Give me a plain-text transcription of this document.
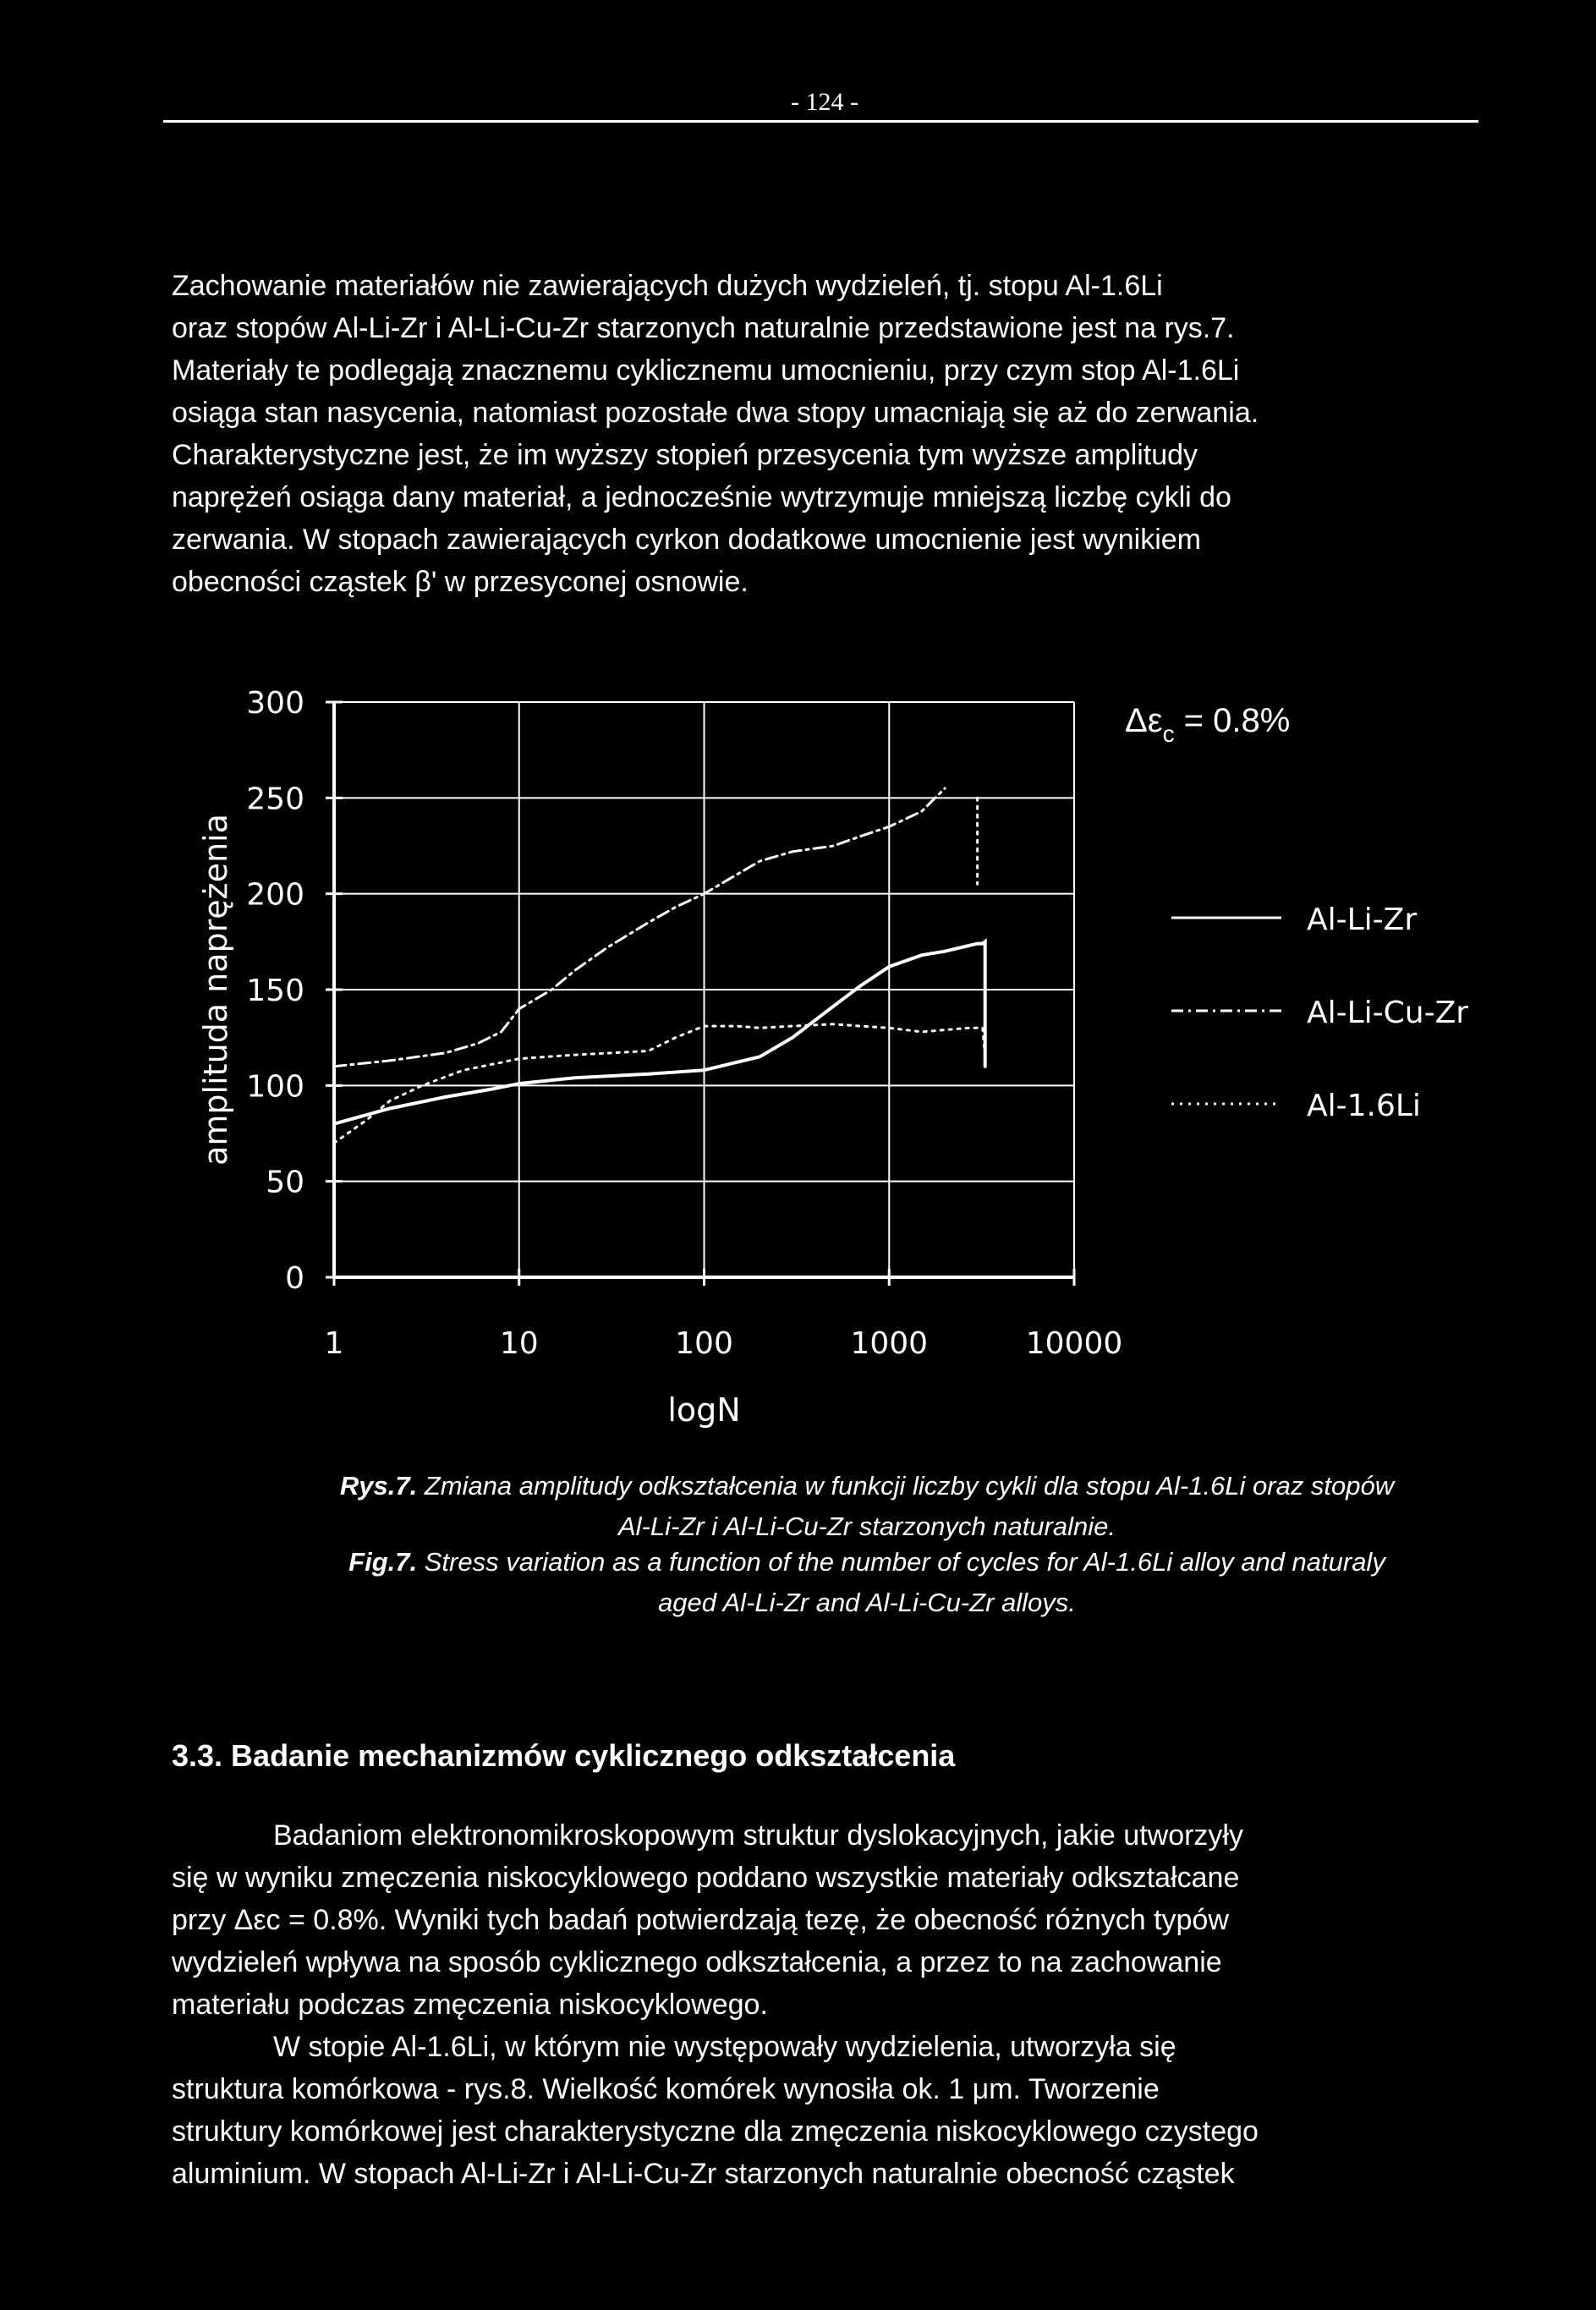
- 124 -

Zachowanie materiałów nie zawierających dużych wydzieleń, tj. stopu Al-1.6Li
oraz stopów Al-Li-Zr i Al-Li-Cu-Zr starzonych naturalnie przedstawione jest na rys.7.
Materiały te podlegają znacznemu cyklicznemu umocnieniu, przy czym stop Al-1.6Li
osiąga stan nasycenia, natomiast pozostałe dwa stopy umacniają się aż do zerwania.
Charakterystyczne jest, że im wyższy stopień przesycenia tym wyższe amplitudy
naprężeń osiąga dany materiał, a jednocześnie wytrzymuje mniejszą liczbę cykli do
zerwania. W stopach zawierających cyrkon dodatkowe umocnienie jest wynikiem
obecności cząstek β' w przesyconej osnowie.

0
50
100
150
200
250
300
1	10	100	1000	10000
logN
amplituda naprężenia
$\Delta\varepsilon_c = 0.8\%$
Al-Li-Zr
Al-Li-Cu-Zr
Al-1.6Li
Rys.7. Zmiana amplitudy odkształcenia w funkcji liczby cykli dla stopu Al-1.6Li oraz stopów
Al-Li-Zr i Al-Li-Cu-Zr starzonych naturalnie.
Fig.7. Stress variation as a function of the number of cycles for Al-1.6Li alloy and naturaly
aged Al-Li-Zr and Al-Li-Cu-Zr alloys.
3.3. Badanie mechanizmów cyklicznego odkształcenia

Badaniom elektronomikroskopowym struktur dyslokacyjnych, jakie utworzyły
się w wyniku zmęczenia niskocyklowego poddano wszystkie materiały odkształcane
przy Δεc = 0.8%. Wyniki tych badań potwierdzają tezę, że obecność różnych typów
wydzieleń wpływa na sposób cyklicznego odkształcenia, a przez to na zachowanie
materiału podczas zmęczenia niskocyklowego.
W stopie Al-1.6Li, w którym nie występowały wydzielenia, utworzyła się
struktura komórkowa - rys.8. Wielkość komórek wynosiła ok. 1 μm. Tworzenie
struktury komórkowej jest charakterystyczne dla zmęczenia niskocyklowego czystego
aluminium. W stopach Al-Li-Zr i Al-Li-Cu-Zr starzonych naturalnie obecność cząstek
